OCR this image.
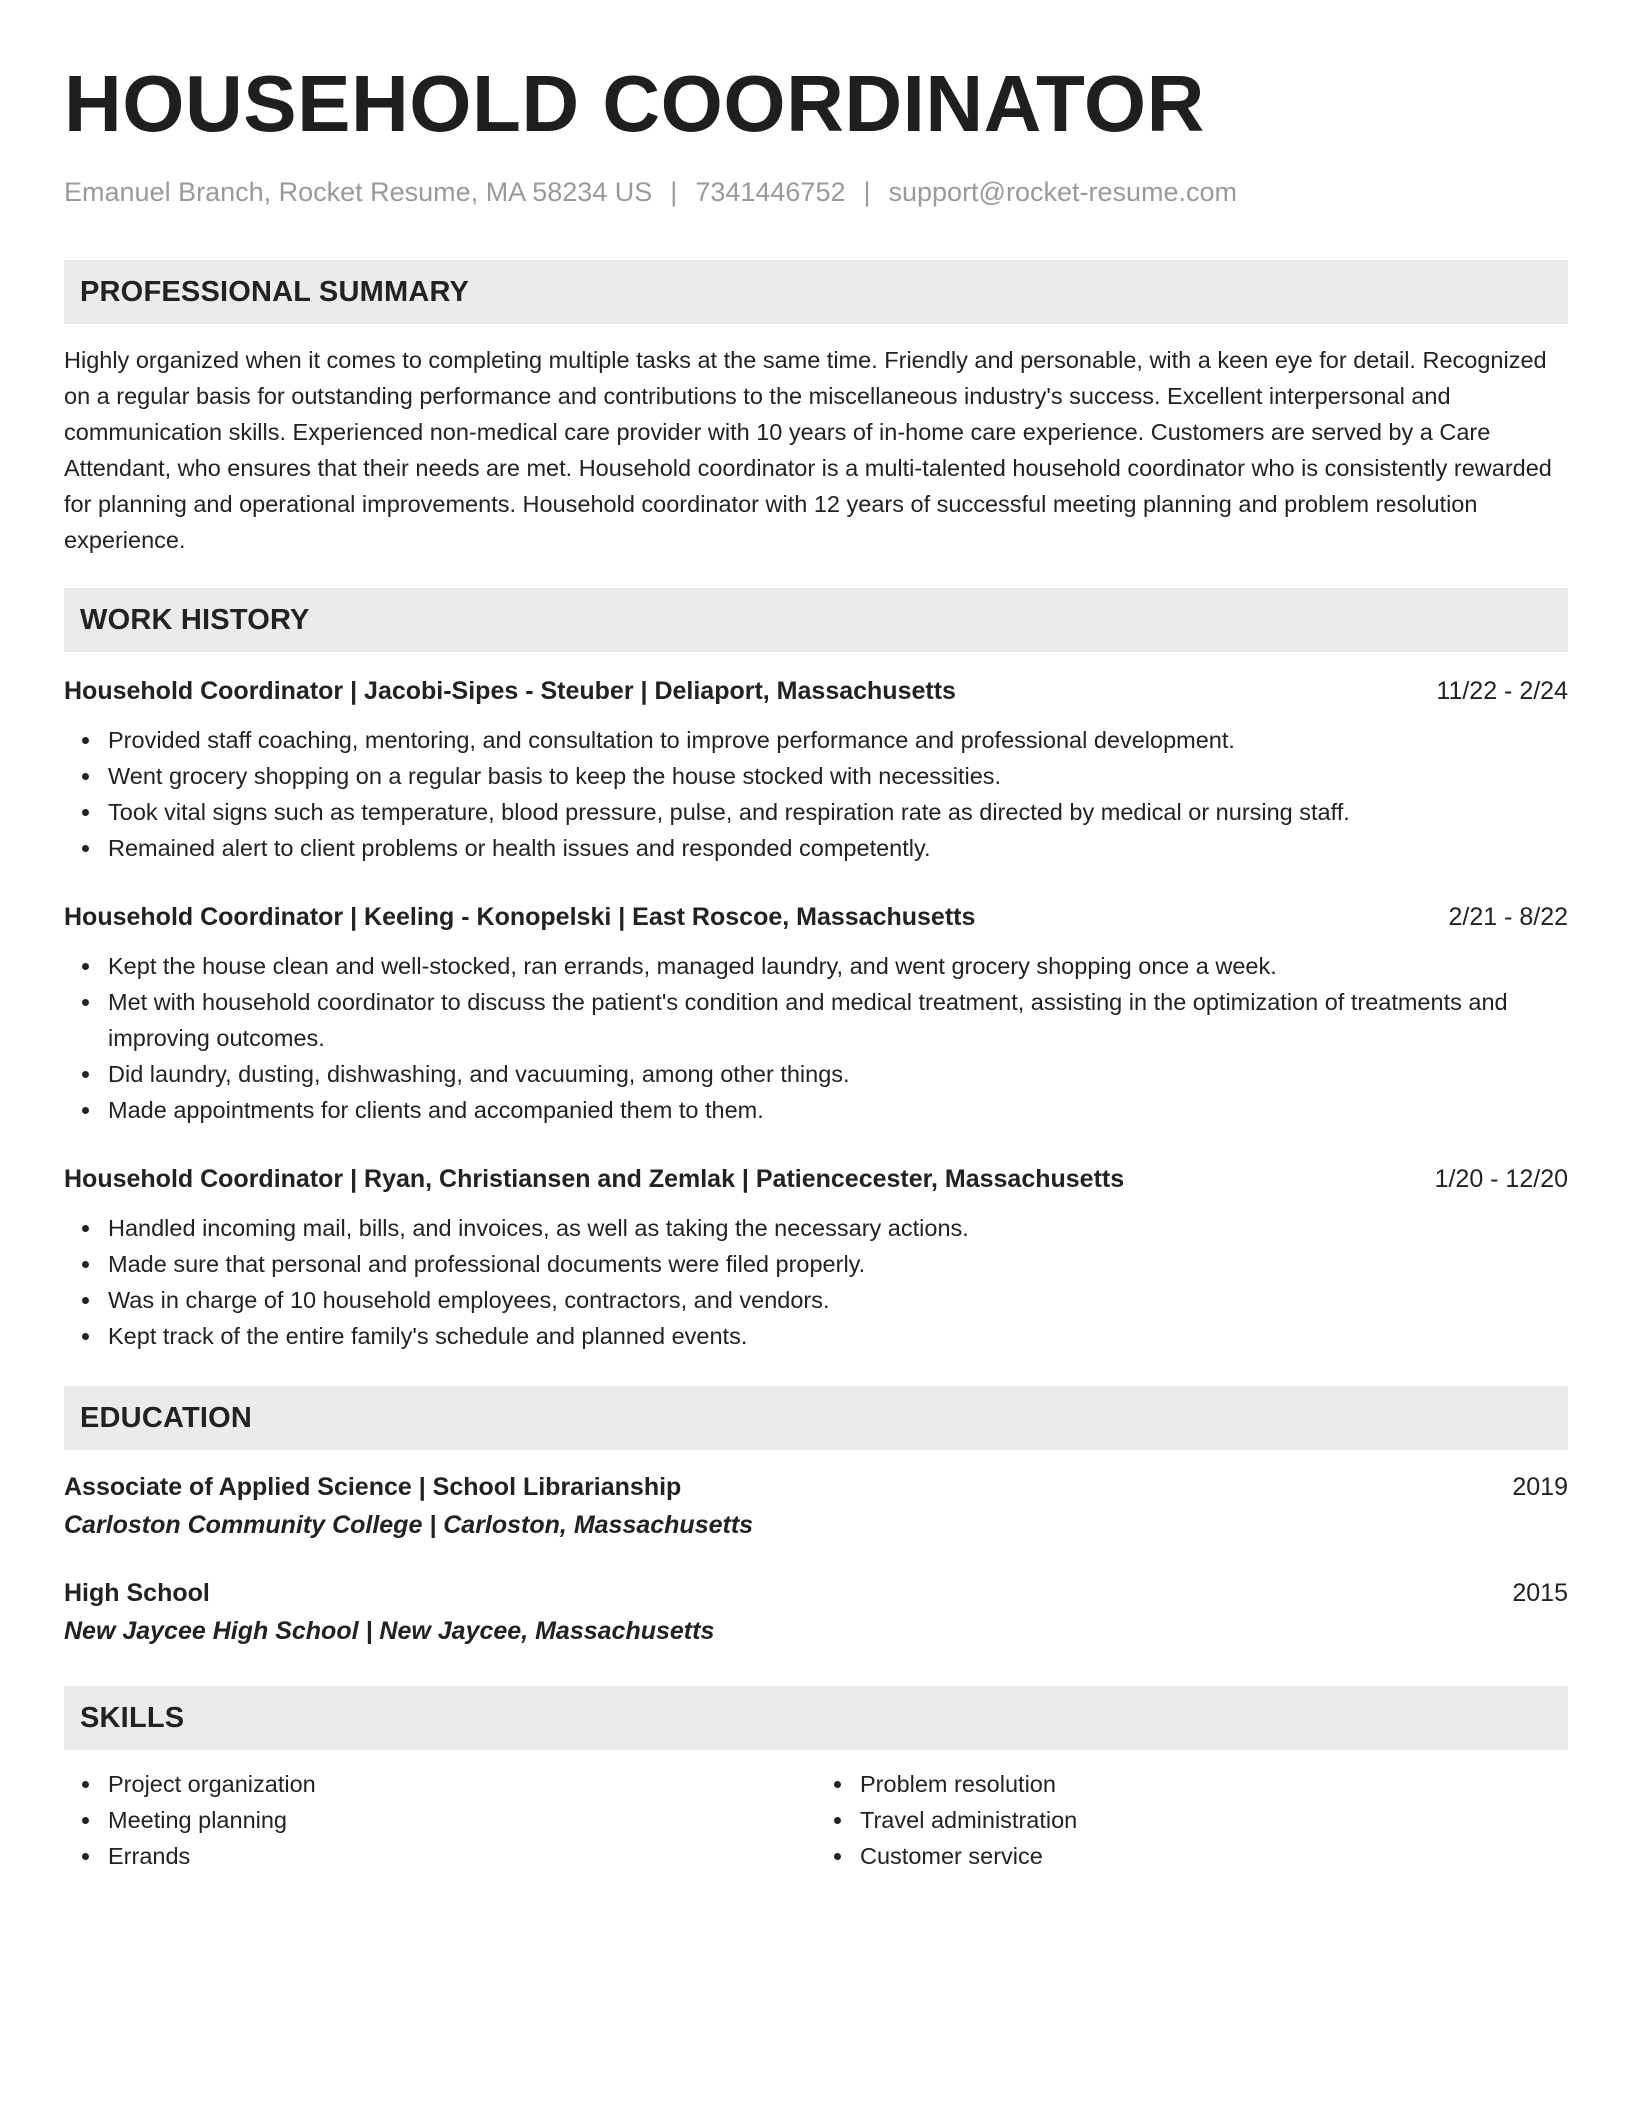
HOUSEHOLD COORDINATOR
Emanuel Branch, Rocket Resume, MA 58234 US | 7341446752 | support@rocket-resume.com
PROFESSIONAL SUMMARY
Highly organized when it comes to completing multiple tasks at the same time. Friendly and personable, with a keen eye for detail. Recognized on a regular basis for outstanding performance and contributions to the miscellaneous industry's success. Excellent interpersonal and communication skills. Experienced non-medical care provider with 10 years of in-home care experience. Customers are served by a Care Attendant, who ensures that their needs are met. Household coordinator is a multi-talented household coordinator who is consistently rewarded for planning and operational improvements. Household coordinator with 12 years of successful meeting planning and problem resolution experience.
WORK HISTORY
Household Coordinator | Jacobi-Sipes - Steuber | Deliaport, Massachusetts	11/22 - 2/24
Provided staff coaching, mentoring, and consultation to improve performance and professional development.
Went grocery shopping on a regular basis to keep the house stocked with necessities.
Took vital signs such as temperature, blood pressure, pulse, and respiration rate as directed by medical or nursing staff.
Remained alert to client problems or health issues and responded competently.
Household Coordinator | Keeling - Konopelski | East Roscoe, Massachusetts	2/21 - 8/22
Kept the house clean and well-stocked, ran errands, managed laundry, and went grocery shopping once a week.
Met with household coordinator to discuss the patient's condition and medical treatment, assisting in the optimization of treatments and improving outcomes.
Did laundry, dusting, dishwashing, and vacuuming, among other things.
Made appointments for clients and accompanied them to them.
Household Coordinator | Ryan, Christiansen and Zemlak | Patiencecester, Massachusetts	1/20 - 12/20
Handled incoming mail, bills, and invoices, as well as taking the necessary actions.
Made sure that personal and professional documents were filed properly.
Was in charge of 10 household employees, contractors, and vendors.
Kept track of the entire family's schedule and planned events.
EDUCATION
Associate of Applied Science | School Librarianship	2019
Carloston Community College | Carloston, Massachusetts
High School	2015
New Jaycee High School | New Jaycee, Massachusetts
SKILLS
Project organization
Meeting planning
Errands
Problem resolution
Travel administration
Customer service
